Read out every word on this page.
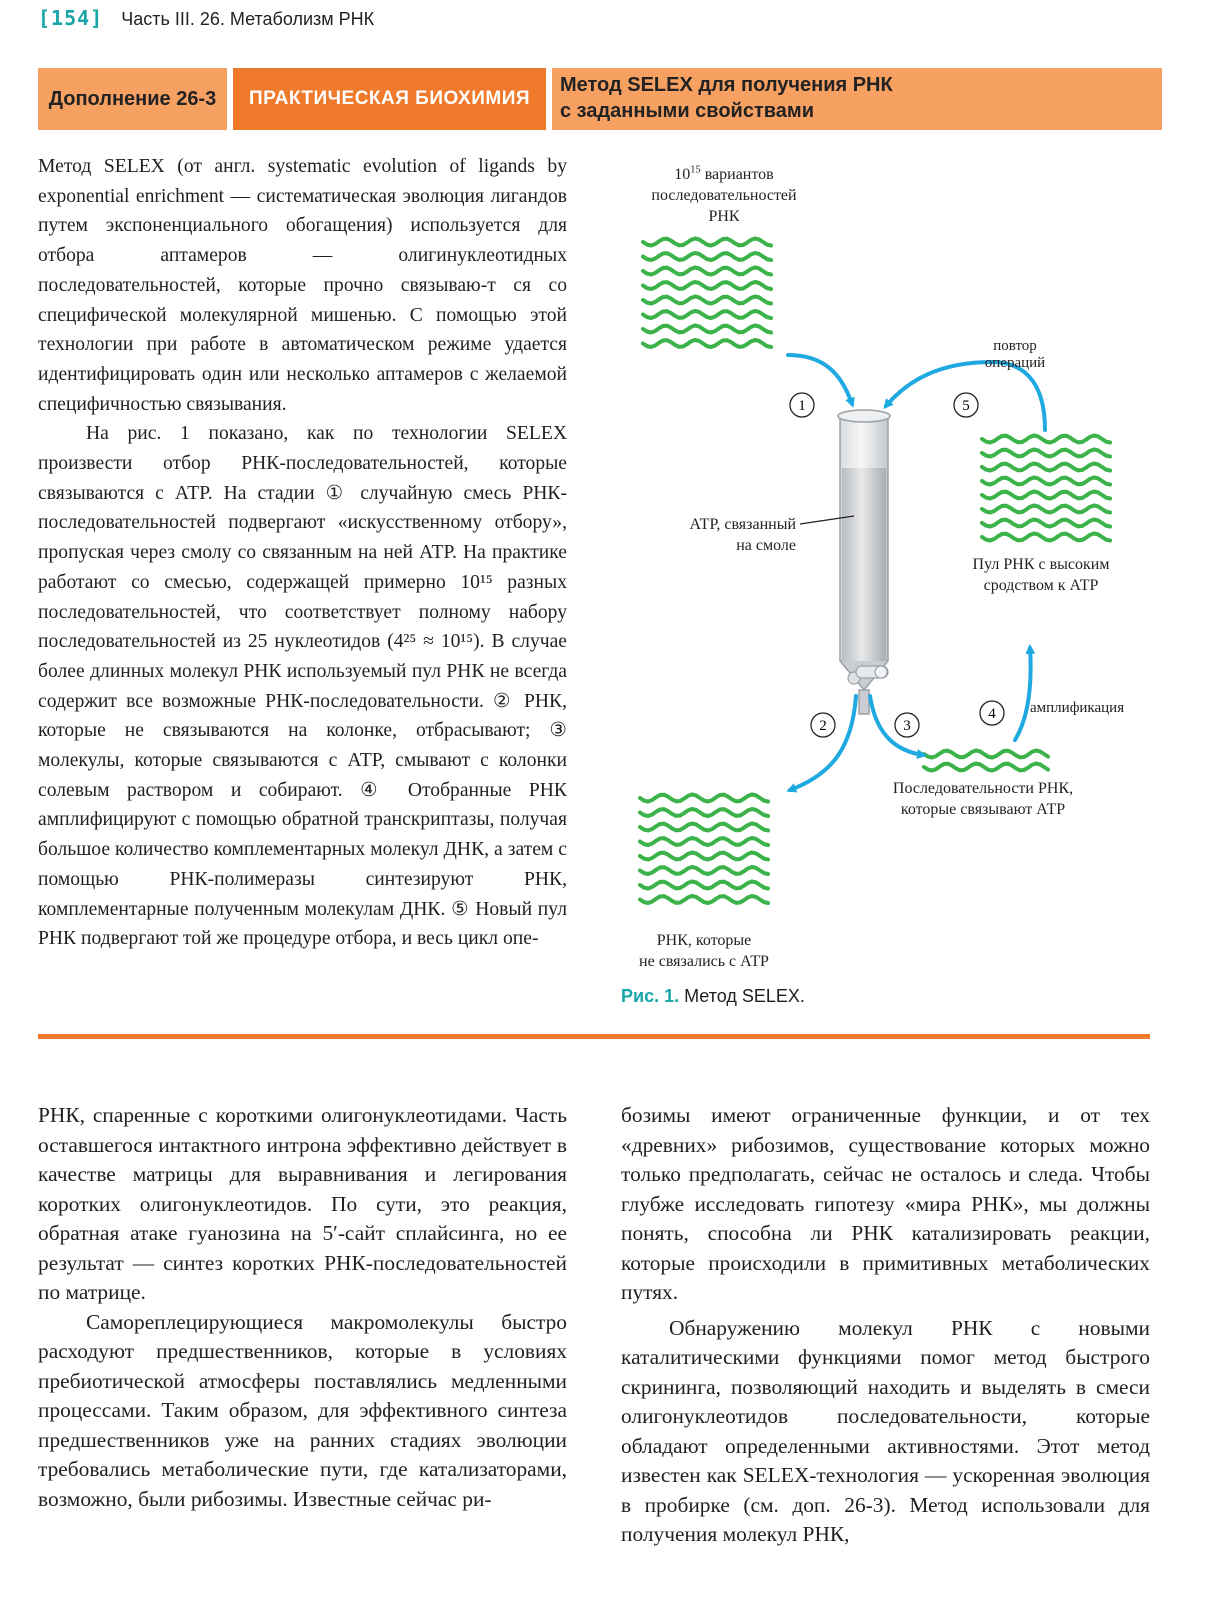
[154] Часть III. 26. Метаболизм РНК
Дополнение 26-3	ПРАКТИЧЕСКАЯ БИОХИМИЯ
Метод SELEX для получения РНК
с заданными свойствами

Метод SELEX (от англ. systematic evolution of ligands by exponential enrichment — систематическая эволюция лигандов путем экспоненциального обогащения) используется для отбора аптамеров — олигинуклеотидных последовательностей, которые прочно связываю-т ся со специфической молекулярной мишенью. С помощью этой технологии при работе в автоматическом режиме удается идентифицировать один или несколько аптамеров с желаемой специфичностью связывания.

На рис. 1 показано, как по технологии SELEX произвести отбор РНК-последовательностей, которые связываются с АТР. На стадии ① случайную смесь РНК-последовательностей подвергают «искусственному отбору», пропуская через смолу со связанным на ней АТР. На практике работают со смесью, содержащей примерно 10¹⁵ разных последовательностей, что соответствует полному набору последовательностей из 25 нуклеотидов (4²⁵ ≈ 10¹⁵). В случае более длинных молекул РНК используемый пул РНК не всегда содержит все возможные РНК-последовательности. ② РНК, которые не связываются на колонке, отбрасывают; ③ молекулы, которые связываются с АТР, смывают с колонки солевым раствором и собирают. ④ Отобранные РНК амплифицируют с помощью обратной транскриптазы, получая большое количество комплементарных молекул ДНК, а затем с помощью РНК-полимеразы синтезируют РНК, комплементарные полученным молекулам ДНК. ⑤ Новый пул РНК подвергают той же процедуре отбора, и весь цикл опе-

1	5
2	3
4
$10^{15}$ вариантов
последовательностей
РНК
повтор
операций
АТР, связанный
на смоле
Пул РНК с высоким
сродством к АТР
амплификация
Последовательности РНК,
которые связывают АТР
РНК, которые
не связались с АТР
Рис. 1. Метод SELEX.

РНК, спаренные с короткими олигонуклеотидами. Часть оставшегося интактного интрона эффективно действует в качестве матрицы для выравнивания и легирования коротких олигонуклеотидов. По сути, это реакция, обратная атаке гуанозина на 5′-сайт сплайсинга, но ее результат — синтез коротких РНК-последовательностей по матрице.

Самореплецирующиеся макромолекулы быстро расходуют предшественников, которые в условиях пребиотической атмосферы поставлялись медленными процессами. Таким образом, для эффективного синтеза предшественников уже на ранних стадиях эволюции требовались метаболические пути, где катализаторами, возможно, были рибозимы. Известные сейчас ри-

бозимы имеют ограниченные функции, и от тех «древних» рибозимов, существование которых можно только предполагать, сейчас не осталось и следа. Чтобы глубже исследовать гипотезу «мира РНК», мы должны понять, способна ли РНК катализировать реакции, которые происходили в примитивных метаболических путях.

Обнаружению молекул РНК с новыми каталитическими функциями помог метод быстрого скрининга, позволяющий находить и выделять в смеси олигонуклеотидов последовательности, которые обладают определенными активностями. Этот метод известен как SELEX-технология — ускоренная эволюция в пробирке (см. доп. 26-3). Метод использовали для получения молекул РНК,
